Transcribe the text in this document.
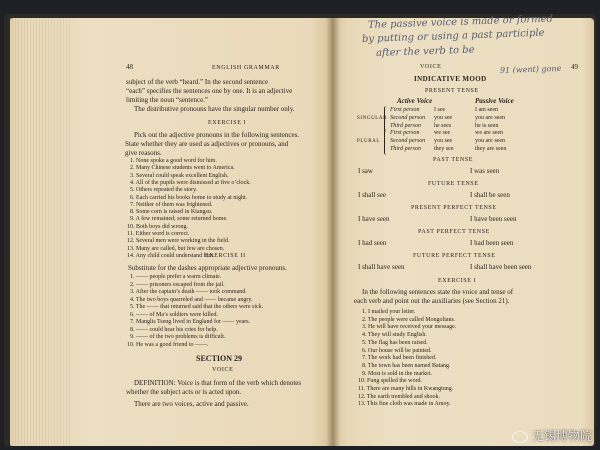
48	ENGLISH GRAMMAR
subject of the verb “heard.” In the second sentence
“each” specifies the sentences one by one. It is an adjective
limiting the noun “sentence.”
The distributive pronouns have the singular number only.
EXERCISE I
Pick out the adjective pronouns in the following sentences.
State whether they are used as adjectives or pronouns, and
give reasons.
1. None spoke a good word for him.
2. Many Chinese students went to America.
3. Several could speak excellent English.
4. All of the pupils were dismissed at five o’clock.
5. Others repeated the story.
6. Each carried his books home to study at night.
7. Neither of them was frightened.
8. Some corn is raised in Kiangsu.
9. A few remained; some returned home.
10. Both boys did wrong.
11. Either word is correct.
12. Several men were working in the field.
13. Many are called, but few are chosen.
14. Any child could understand him.
EXERCISE II
Substitute for the dashes appropriate adjective pronouns.
1. —— people prefer a warm climate.
2. —— prisoners escaped from the jail.
3. After the captain’s death —— took command.
4. The two boys quarreled and —— became angry.
5. The —— that returned said that the others were sick.
6. —— of Ma’s soldiers were killed.
7. Manglis Tseng lived in England for —— years.
8. —— could hear his cries for help.
9. —— of the two problems is difficult.
10. He was a good friend to ——.
SECTION 29
VOICE
DEFINITION: Voice is that form of the verb which denotes
whether the subject acts or is acted upon.
There are two voices, active and passive.
The passive voice is made or formed
by putting or using a past participle
after the verb to be
91 (went) gone
VOICE	49
INDICATIVE MOOD
PRESENT TENSE
Active Voice	Passive Voice
SINGULAR
First person I see	I am seen
Second person you see	you are seen
Third person he sees	he is seen
PLURAL
First person we see	we are seen
Second person you see	you are seen
Third person they see	they are seen
PAST TENSE
I saw	I was seen
FUTURE TENSE
I shall see	I shall be seen
PRESENT PERFECT TENSE
I have seen	I have been seen
PAST PERFECT TENSE
I had seen	I had been seen
FUTURE PERFECT TENSE
I shall have seen	I shall have been seen
EXERCISE I
In the following sentences state the voice and tense of
each verb and point out the auxiliaries (see Section 21).
1. I mailed your letter.
2. The people were called Mongolians.
3. He will have received your message.
4. They will study English.
5. The flag has been raised.
6. Our house will be painted.
7. The work had been finished.
8. The town has been named Batang.
9. Most is sold in the market.
10. Fung spelled the word.
11. There are many hills in Kwangtung.
12. The earth trembled and shook.
13. This fine cloth was made in Amoy.
无锡博物院
